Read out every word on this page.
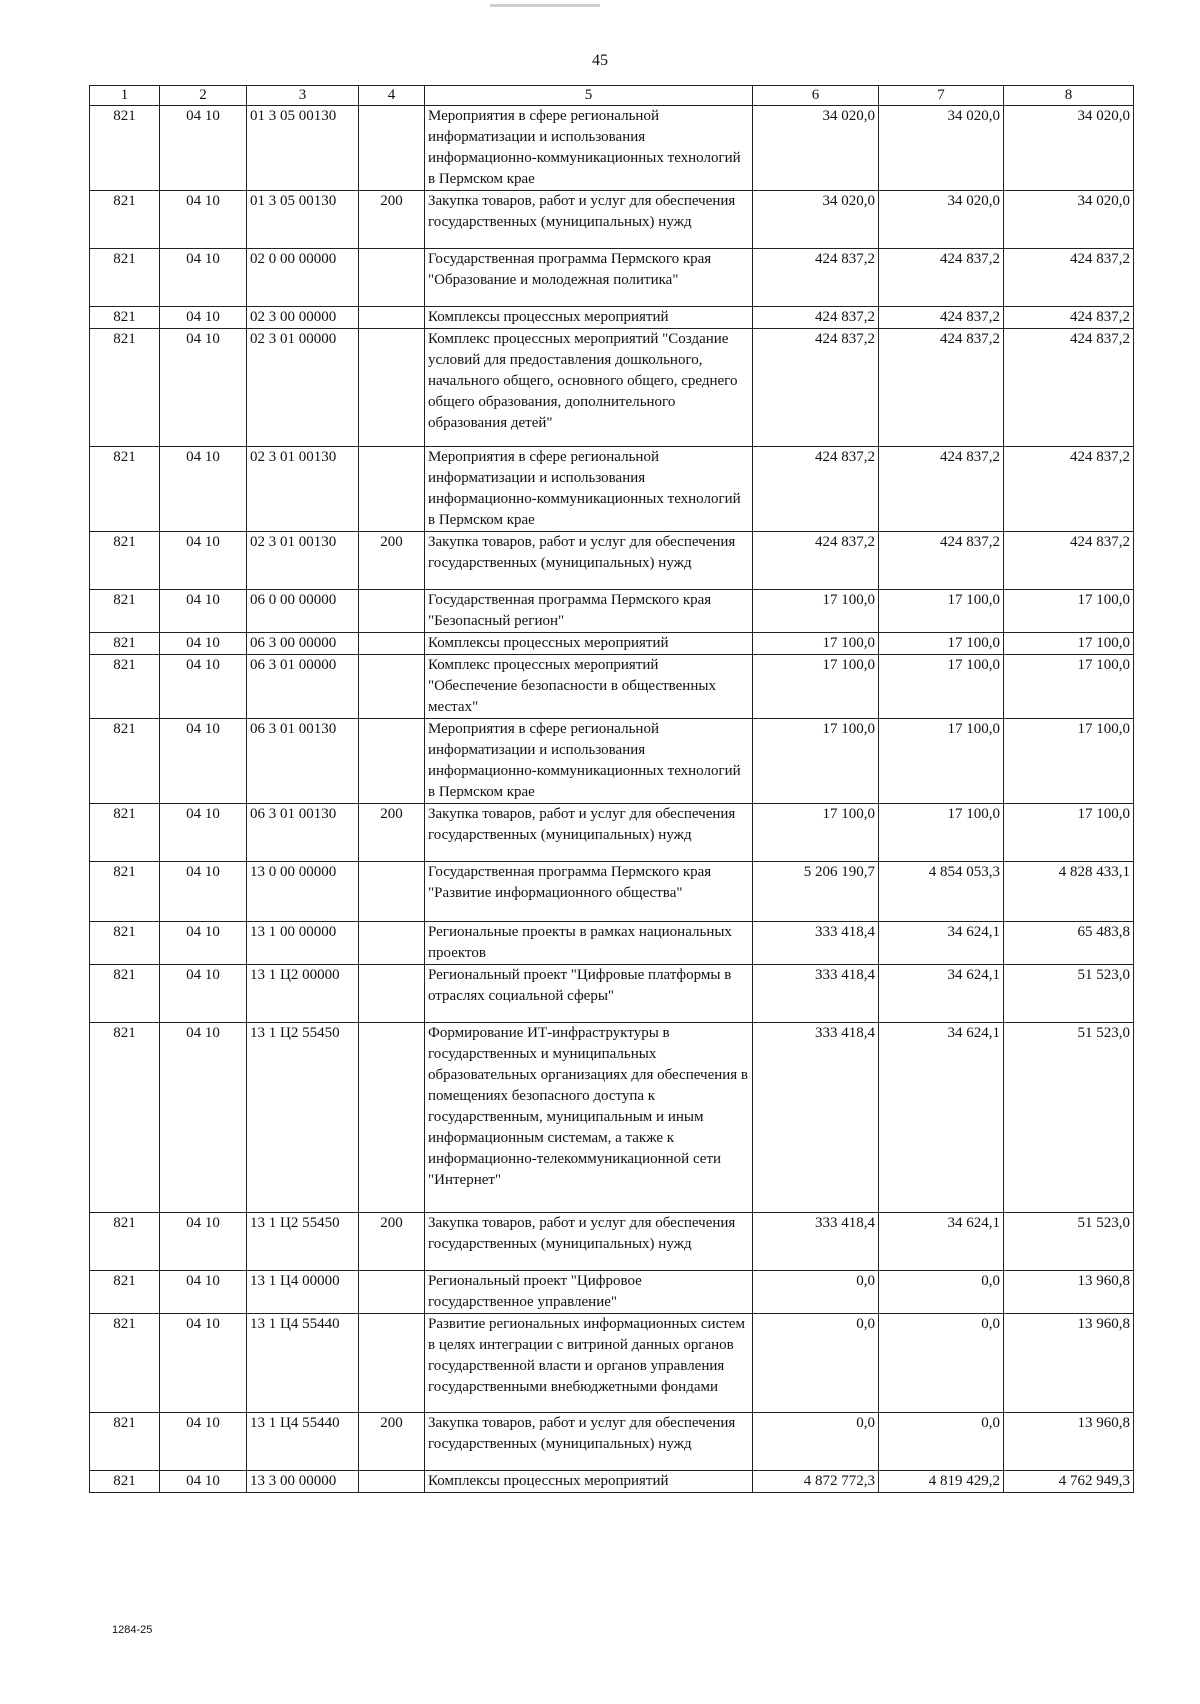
45
1	2	3	4	5	6	7	8
821	04 10	01 3 05 00130		Мероприятия в сфере региональной информатизации и использования информационно-коммуникационных технологий в Пермском крае	34 020,0	34 020,0	34 020,0
821	04 10	01 3 05 00130	200	Закупка товаров, работ и услуг для обеспечения государственных (муниципальных) нужд	34 020,0	34 020,0	34 020,0
821	04 10	02 0 00 00000		Государственная программа Пермского края "Образование и молодежная политика"	424 837,2	424 837,2	424 837,2
821	04 10	02 3 00 00000		Комплексы процессных мероприятий	424 837,2	424 837,2	424 837,2
821	04 10	02 3 01 00000		Комплекс процессных мероприятий "Создание условий для предоставления дошкольного, начального общего, основного общего, среднего общего образования, дополнительного образования детей"	424 837,2	424 837,2	424 837,2
821	04 10	02 3 01 00130		Мероприятия в сфере региональной информатизации и использования информационно-коммуникационных технологий в Пермском крае	424 837,2	424 837,2	424 837,2
821	04 10	02 3 01 00130	200	Закупка товаров, работ и услуг для обеспечения государственных (муниципальных) нужд	424 837,2	424 837,2	424 837,2
821	04 10	06 0 00 00000		Государственная программа Пермского края "Безопасный регион"	17 100,0	17 100,0	17 100,0
821	04 10	06 3 00 00000		Комплексы процессных мероприятий	17 100,0	17 100,0	17 100,0
821	04 10	06 3 01 00000		Комплекс процессных мероприятий "Обеспечение безопасности в общественных местах"	17 100,0	17 100,0	17 100,0
821	04 10	06 3 01 00130		Мероприятия в сфере региональной информатизации и использования информационно-коммуникационных технологий в Пермском крае	17 100,0	17 100,0	17 100,0
821	04 10	06 3 01 00130	200	Закупка товаров, работ и услуг для обеспечения государственных (муниципальных) нужд	17 100,0	17 100,0	17 100,0
821	04 10	13 0 00 00000		Государственная программа Пермского края "Развитие информационного общества"	5 206 190,7	4 854 053,3	4 828 433,1
821	04 10	13 1 00 00000		Региональные проекты в рамках национальных проектов	333 418,4	34 624,1	65 483,8
821	04 10	13 1 Ц2 00000		Региональный проект "Цифровые платформы в отраслях социальной сферы"	333 418,4	34 624,1	51 523,0
821	04 10	13 1 Ц2 55450		Формирование ИТ-инфраструктуры в государственных и муниципальных образовательных организациях для обеспечения в помещениях безопасного доступа к государственным, муниципальным и иным информационным системам, а также к информационно-телекоммуникационной сети "Интернет"	333 418,4	34 624,1	51 523,0
821	04 10	13 1 Ц2 55450	200	Закупка товаров, работ и услуг для обеспечения государственных (муниципальных) нужд	333 418,4	34 624,1	51 523,0
821	04 10	13 1 Ц4 00000		Региональный проект "Цифровое государственное управление"	0,0	0,0	13 960,8
821	04 10	13 1 Ц4 55440		Развитие региональных информационных систем в целях интеграции с витриной данных органов государственной власти и органов управления государственными внебюджетными фондами	0,0	0,0	13 960,8
821	04 10	13 1 Ц4 55440	200	Закупка товаров, работ и услуг для обеспечения государственных (муниципальных) нужд	0,0	0,0	13 960,8
821	04 10	13 3 00 00000		Комплексы процессных мероприятий	4 872 772,3	4 819 429,2	4 762 949,3
1284-25
